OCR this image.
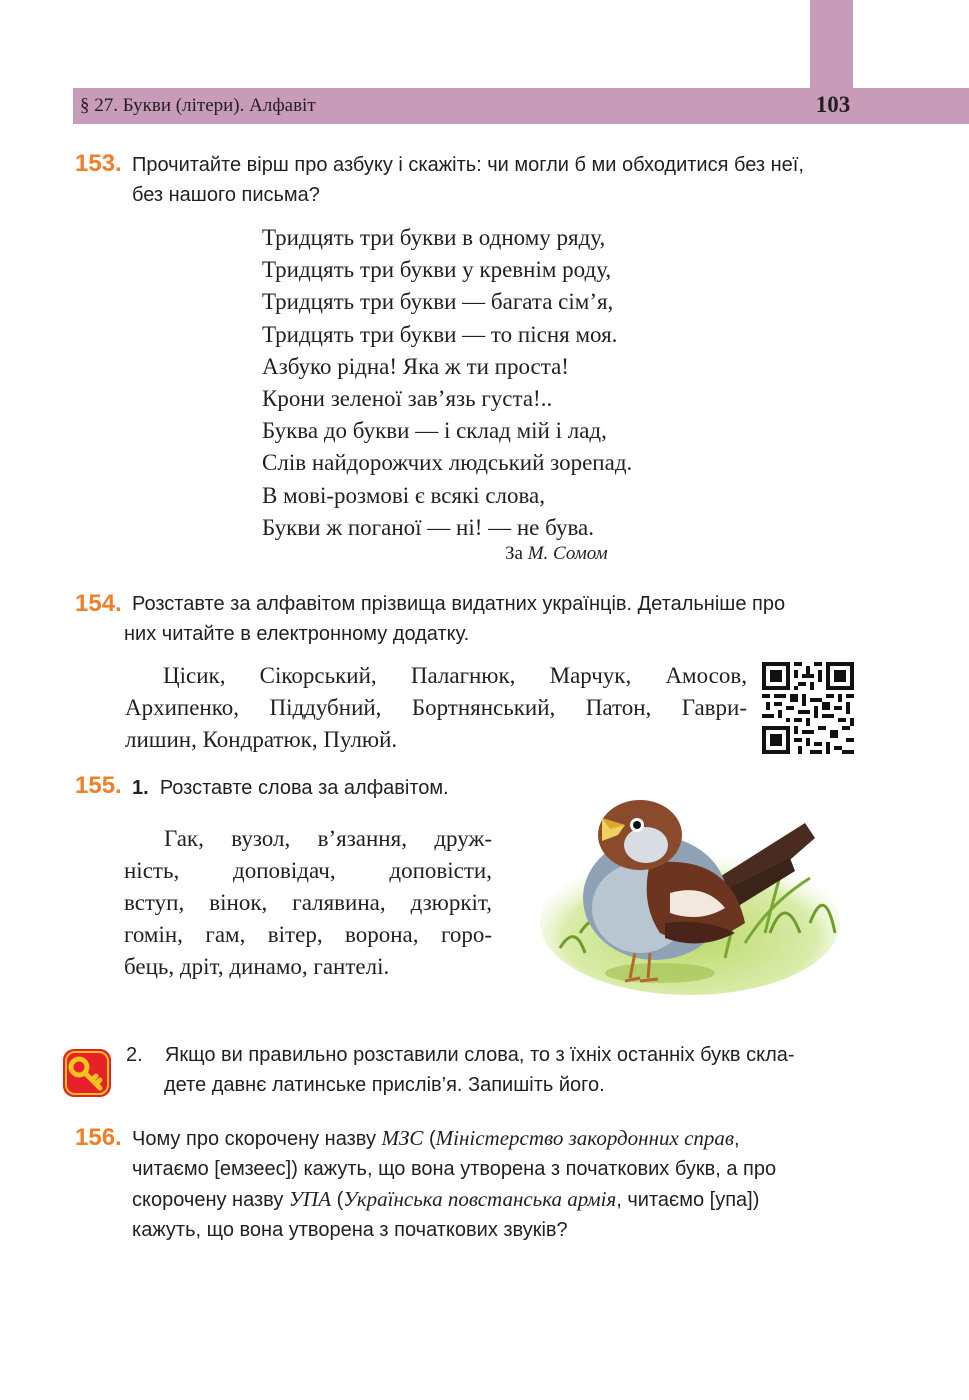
§ 27. Букви (літери). Алфавіт	103
153. Прочитайте вірш про азбуку і скажіть: чи могли б ми обходитися без неї,
без нашого письма?
Тридцять три букви в одному ряду,
Тридцять три букви у кревнім роду,
Тридцять три букви — багата сім’я,
Тридцять три букви — то пісня моя.
Азбуко рідна! Яка ж ти проста!
Крони зеленої зав’язь густа!..
Буква до букви — і склад мій і лад,
Слів найдорожчих людський зорепад.
В мові-розмові є всякі слова,
Букви ж поганої — ні! — не бува.
За М. Сомом
154. Розставте за алфавітом прізвища видатних українців. Детальніше про
них читайте в електронному додатку.
Цісик, Сікорський, Палагнюк, Марчук, Амосов,
Архипенко, Піддубний, Бортнянський, Патон, Гаври-
лишин, Кондратюк, Пулюй.
155. 1. Розставте слова за алфавітом.
Гак, вузол, в’язання, друж-
ність, доповідач, доповісти,
вступ, вінок, галявина, дзюркіт,
гомін, гам, вітер, ворона, горо-
бець, дріт, динамо, гантелі.
2. Якщо ви правильно розставили слова, то з їхніх останніх букв скла-
дете давнє латинське прислів’я. Запишіть його.
156. Чому про скорочену назву МЗС (Міністерство закордонних справ,
читаємо [емзеес]) кажуть, що вона утворена з початкових букв, а про
скорочену назву УПА (Українська повстанська армія, читаємо [упа])
кажуть, що вона утворена з початкових звуків?
